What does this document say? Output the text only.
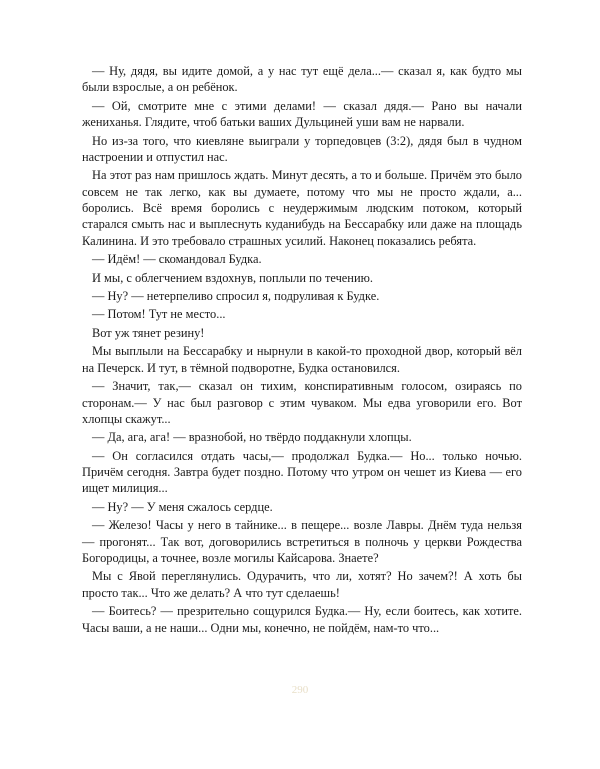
— Ну, дядя, вы идите домой, а у нас тут ещё дела...— сказал я, как будто мы были взрослые, а он ребёнок.

— Ой, смотрите мне с этими делами! — сказал дядя.— Рано вы начали жениханья. Глядите, чтоб батьки ваших Дульциней уши вам не нарвали.

Но из-за того, что киевляне выиграли у торпедовцев (3:2), дядя был в чудном настроении и отпустил нас.

На этот раз нам пришлось ждать. Минут десять, а то и больше. Причём это было совсем не так легко, как вы думаете, потому что мы не просто ждали, а... боролись. Всё время боролись с неудержимым людским потоком, который старался смыть нас и выплеснуть куданибудь на Бессарабку или даже на площадь Калинина. И это требовало страшных усилий. Наконец показались ребята.

— Идём! — скомандовал Будка.

И мы, с облегчением вздохнув, поплыли по течению.

— Ну? — нетерпеливо спросил я, подруливая к Будке.

— Потом! Тут не место...

Вот уж тянет резину!

Мы выплыли на Бессарабку и нырнули в какой-то проходной двор, который вёл на Печерск. И тут, в тёмной подворотне, Будка остановился.

— Значит, так,— сказал он тихим, конспиративным голосом, озираясь по сторонам.— У нас был разговор с этим чуваком. Мы едва уговорили его. Вот хлопцы скажут...

— Да, ага, ага! — вразнобой, но твёрдо поддакнули хлопцы.

— Он согласился отдать часы,— продолжал Будка.— Но... только ночью. Причём сегодня. Завтра будет поздно. Потому что утром он чешет из Киева — его ищет милиция...

— Ну? — У меня сжалось сердце.

— Железо! Часы у него в тайнике... в пещере... возле Лавры. Днём туда нельзя — прогонят... Так вот, договорились встретиться в полночь у церкви Рождества Богородицы, а точнее, возле могилы Кайсарова. Знаете?

Мы с Явой переглянулись. Одурачить, что ли, хотят? Но зачем?! А хоть бы просто так... Что же делать? А что тут сделаешь!

— Боитесь? — презрительно сощурился Будка.— Ну, если боитесь, как хотите. Часы ваши, а не наши... Одни мы, конечно, не пойдём, нам-то что...

290
